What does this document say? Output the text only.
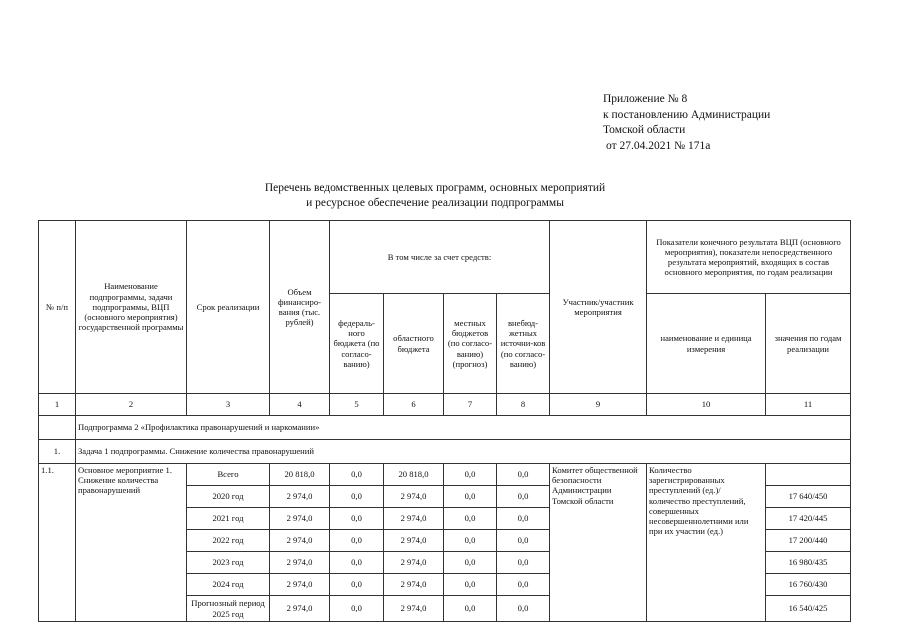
Приложение № 8
к постановлению Администрации
Томской области
от 27.04.2021 № 171а
Перечень ведомственных целевых программ, основных мероприятий
и ресурсное обеспечение реализации подпрограммы
№ п/п	Наименование подпрограммы, задачи подпрограммы, ВЦП (основного мероприятия) государственной программы	Срок реализации	Объем финансиро-вания (тыс. рублей)	В том числе за счет средств:				Участник/участник мероприятия	Показатели конечного результата ВЦП (основного мероприятия), показатели непосредственного результата мероприятий, входящих в состав основного мероприятия, по годам реализации	
				федераль-ного бюджета (по согласо-ванию)	областного бюджета	местных бюджетов (по согласо-ванию) (прогноз)	внебюд-жетных источни-ков (по согласо-ванию)		наименование и единица измерения	значения по годам реализации
1	2	3	4	5	6	7	8	9	10	11
	Подпрограмма 2 «Профилактика правонарушений и наркомании»									
1.	Задача 1 подпрограммы. Снижение количества правонарушений									
1.1.	Основное мероприятие 1. Снижение количества правонарушений	Всего	20 818,0	0,0	20 818,0	0,0	0,0	Комитет общественной безопасности Администрации Томской области	Количество зарегистрированных преступлений (ед.)/ количество преступлений, совершенных несовершеннолетними или при их участии (ед.)	
		2020 год	2 974,0	0,0	2 974,0	0,0	0,0			17 640/450
		2021 год	2 974,0	0,0	2 974,0	0,0	0,0			17 420/445
		2022 год	2 974,0	0,0	2 974,0	0,0	0,0			17 200/440
		2023 год	2 974,0	0,0	2 974,0	0,0	0,0			16 980/435
		2024 год	2 974,0	0,0	2 974,0	0,0	0,0			16 760/430
		Прогнозный период 2025 год	2 974,0	0,0	2 974,0	0,0	0,0			16 540/425
